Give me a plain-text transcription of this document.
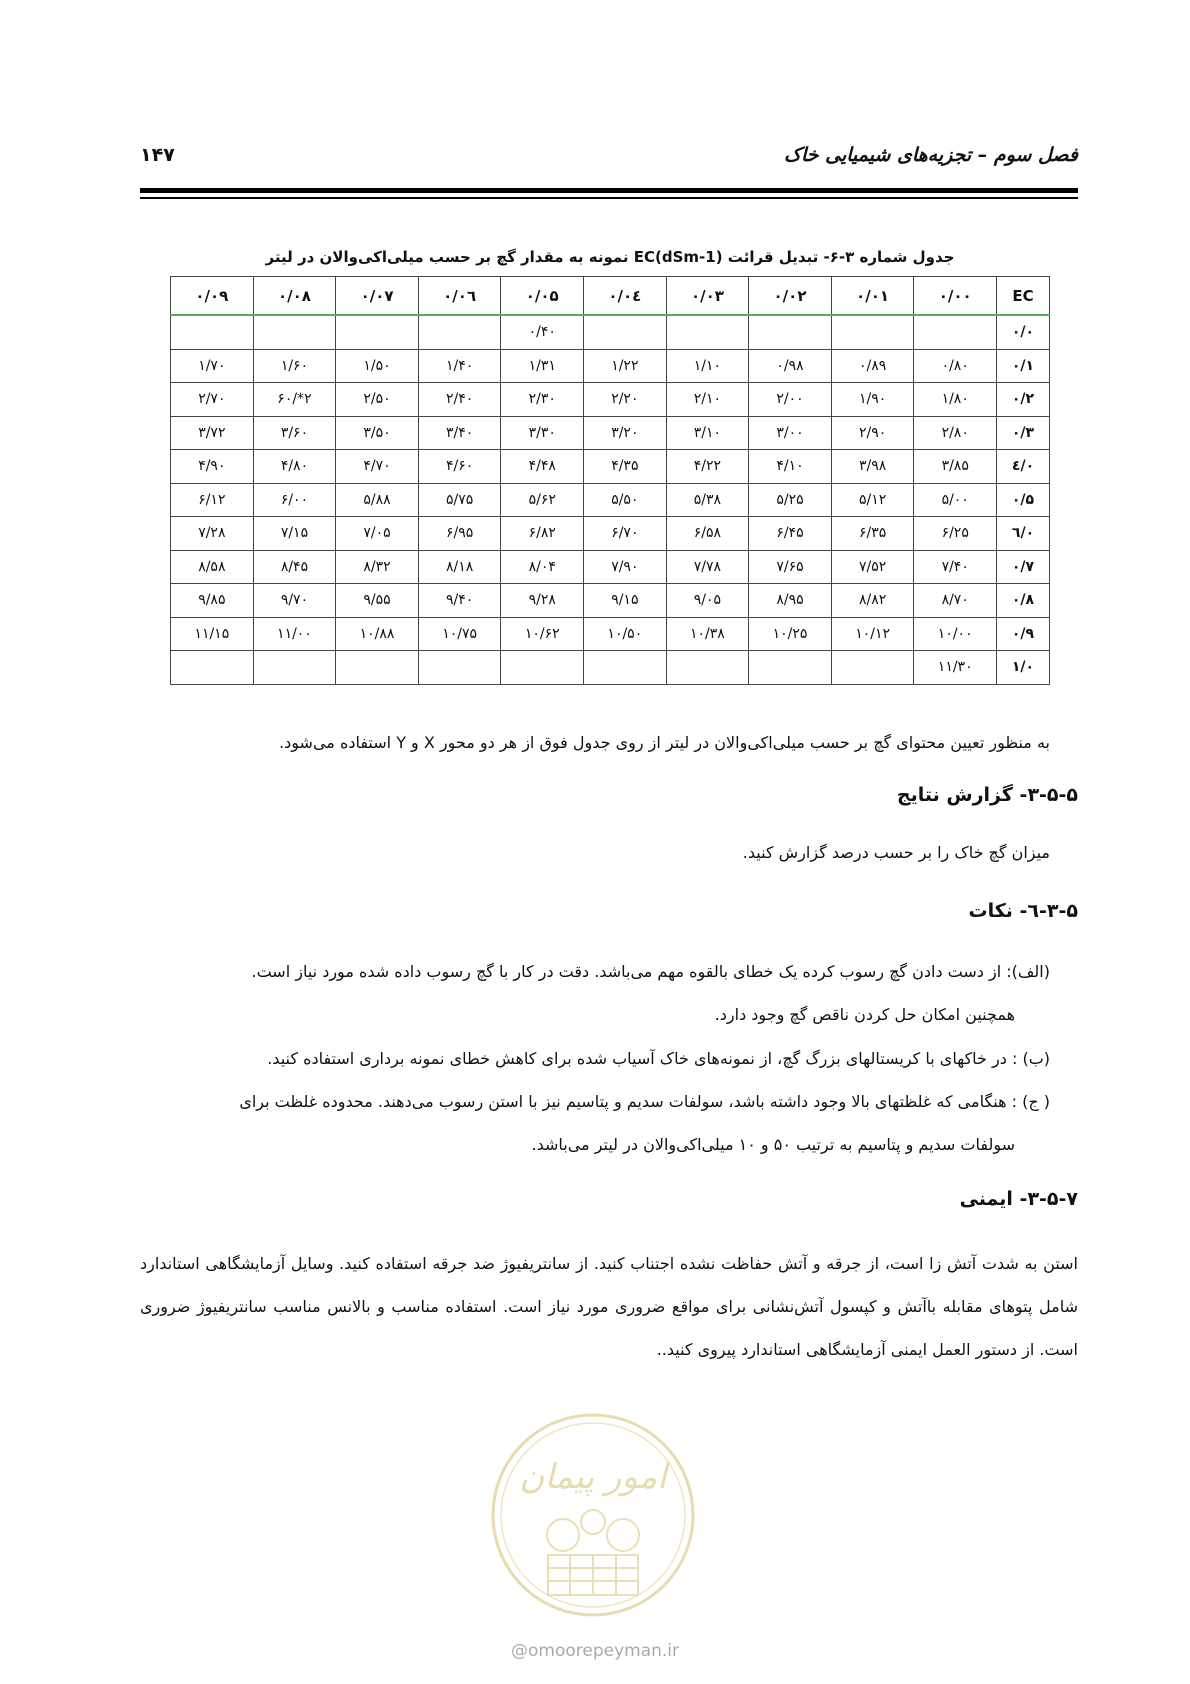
فصل سوم – تجزیه‌های شیمیایی خاک
۱۴۷
جدول شماره ۳-۶- تبدیل قرائت (EC(dSm-1 نمونه به مقدار گچ بر حسب میلی‌اکی‌والان در لیتر
EC	۰/۰۰	۰/۰۱	۰/۰۲	۰/۰۳	۰/۰٤	۰/۰۵	۰/۰٦	۰/۰۷	۰/۰۸	۰/۰۹
۰/۰						۰/۴۰				
۰/۱	۰/۸۰	۰/۸۹	۰/۹۸	۱/۱۰	۱/۲۲	۱/۳۱	۱/۴۰	۱/۵۰	۱/۶۰	۱/۷۰
۰/۲	۱/۸۰	۱/۹۰	۲/۰۰	۲/۱۰	۲/۲۰	۲/۳۰	۲/۴۰	۲/۵۰	۲*/۶۰	۲/۷۰
۰/۳	۲/۸۰	۲/۹۰	۳/۰۰	۳/۱۰	۳/۲۰	۳/۳۰	۳/۴۰	۳/۵۰	۳/۶۰	۳/۷۲
۰/٤	۳/۸۵	۳/۹۸	۴/۱۰	۴/۲۲	۴/۳۵	۴/۴۸	۴/۶۰	۴/۷۰	۴/۸۰	۴/۹۰
۰/۵	۵/۰۰	۵/۱۲	۵/۲۵	۵/۳۸	۵/۵۰	۵/۶۲	۵/۷۵	۵/۸۸	۶/۰۰	۶/۱۲
۰/٦	۶/۲۵	۶/۳۵	۶/۴۵	۶/۵۸	۶/۷۰	۶/۸۲	۶/۹۵	۷/۰۵	۷/۱۵	۷/۲۸
۰/۷	۷/۴۰	۷/۵۲	۷/۶۵	۷/۷۸	۷/۹۰	۸/۰۴	۸/۱۸	۸/۳۲	۸/۴۵	۸/۵۸
۰/۸	۸/۷۰	۸/۸۲	۸/۹۵	۹/۰۵	۹/۱۵	۹/۲۸	۹/۴۰	۹/۵۵	۹/۷۰	۹/۸۵
۰/۹	۱۰/۰۰	۱۰/۱۲	۱۰/۲۵	۱۰/۳۸	۱۰/۵۰	۱۰/۶۲	۱۰/۷۵	۱۰/۸۸	۱۱/۰۰	۱۱/۱۵
۱/۰	۱۱/۳۰									
به منظور تعیین محتوای گچ بر حسب میلی‌اکی‌والان در لیتر از روی جدول فوق از هر دو محور X و Y استفاده می‌شود.
۳-۵-۵- گزارش نتایج
میزان گچ خاک را بر حسب درصد گزارش کنید.
۳-۵-٦- نکات
(الف): از دست دادن گچ رسوب کرده یک خطای بالقوه مهم می‌باشد. دقت در کار با گچ رسوب داده شده مورد نیاز است.
همچنین امکان حل کردن ناقص گچ وجود دارد.
(ب) : در خاکهای با کریستالهای بزرگ گچ، از نمونه‌های خاک آسیاب شده برای کاهش خطای نمونه برداری استفاده کنید.
( ج) : هنگامی که غلظتهای بالا وجود داشته باشد، سولفات سدیم و پتاسیم نیز با استن رسوب می‌دهند. محدوده غلظت برای
سولفات سدیم و پتاسیم به ترتیب ۵۰ و ۱۰ میلی‌اکی‌والان در لیتر می‌باشد.
۳-۵-۷- ایمنی
استن به شدت آتش زا است، از جرقه و آتش حفاظت نشده اجتناب کنید. از سانتریفیوژ ضد جرقه استفاده کنید. وسایل آزمایشگاهی استاندارد شامل پتوهای مقابله باآتش و کپسول آتش‌نشانی برای مواقع ضروری مورد نیاز است. استفاده مناسب و بالانس مناسب سانتریفیوژ ضروری است. از دستور العمل ایمنی آزمایشگاهی استاندارد پیروی کنید..
امور پیمان
@omoorepeyman.ir
